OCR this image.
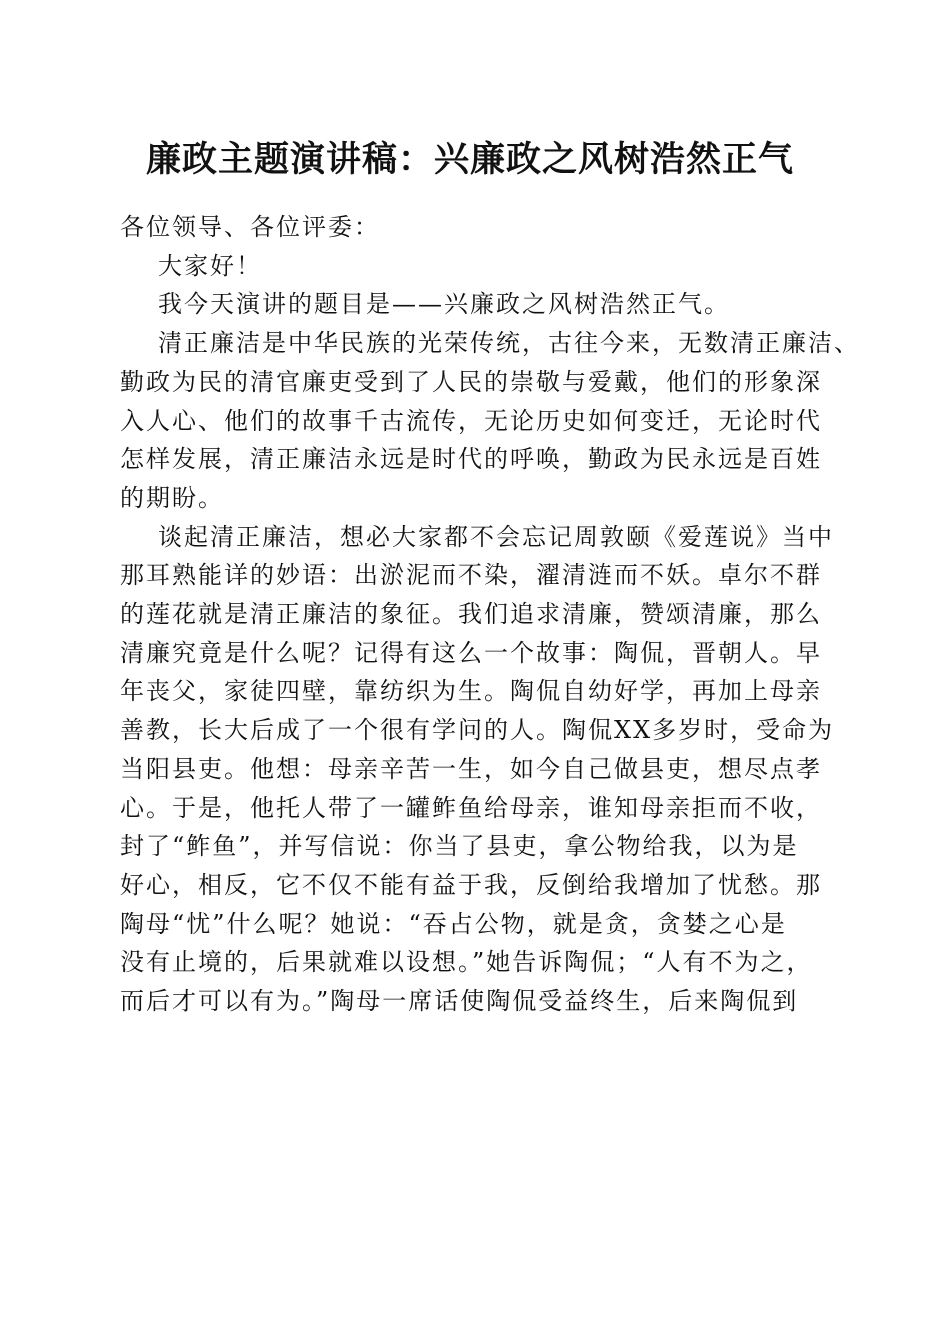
廉政主题演讲稿：兴廉政之风树浩然正气

各位领导、各位评委：

大家好！

我今天演讲的题目是——兴廉政之风树浩然正气。

清正廉洁是中华民族的光荣传统，古往今来，无数清正廉洁、
勤政为民的清官廉吏受到了人民的崇敬与爱戴，他们的形象深
入人心、他们的故事千古流传，无论历史如何变迁，无论时代
怎样发展，清正廉洁永远是时代的呼唤，勤政为民永远是百姓
的期盼。

谈起清正廉洁，想必大家都不会忘记周敦颐《爱莲说》当中
那耳熟能详的妙语：出淤泥而不染，濯清涟而不妖。卓尔不群
的莲花就是清正廉洁的象征。我们追求清廉，赞颂清廉，那么
清廉究竟是什么呢？记得有这么一个故事：陶侃，晋朝人。早
年丧父，家徒四壁，靠纺织为生。陶侃自幼好学，再加上母亲
善教，长大后成了一个很有学问的人。陶侃XX多岁时，受命为
当阳县吏。他想：母亲辛苦一生，如今自己做县吏，想尽点孝
心。于是，他托人带了一罐鲊鱼给母亲，谁知母亲拒而不收，
封了“鲊鱼”，并写信说：你当了县吏，拿公物给我，以为是
好心，相反，它不仅不能有益于我，反倒给我增加了忧愁。那
陶母“忧”什么呢？她说：“吞占公物，就是贪，贪婪之心是
没有止境的，后果就难以设想。”她告诉陶侃；“人有不为之，
而后才可以有为。”陶母一席话使陶侃受益终生，后来陶侃到
